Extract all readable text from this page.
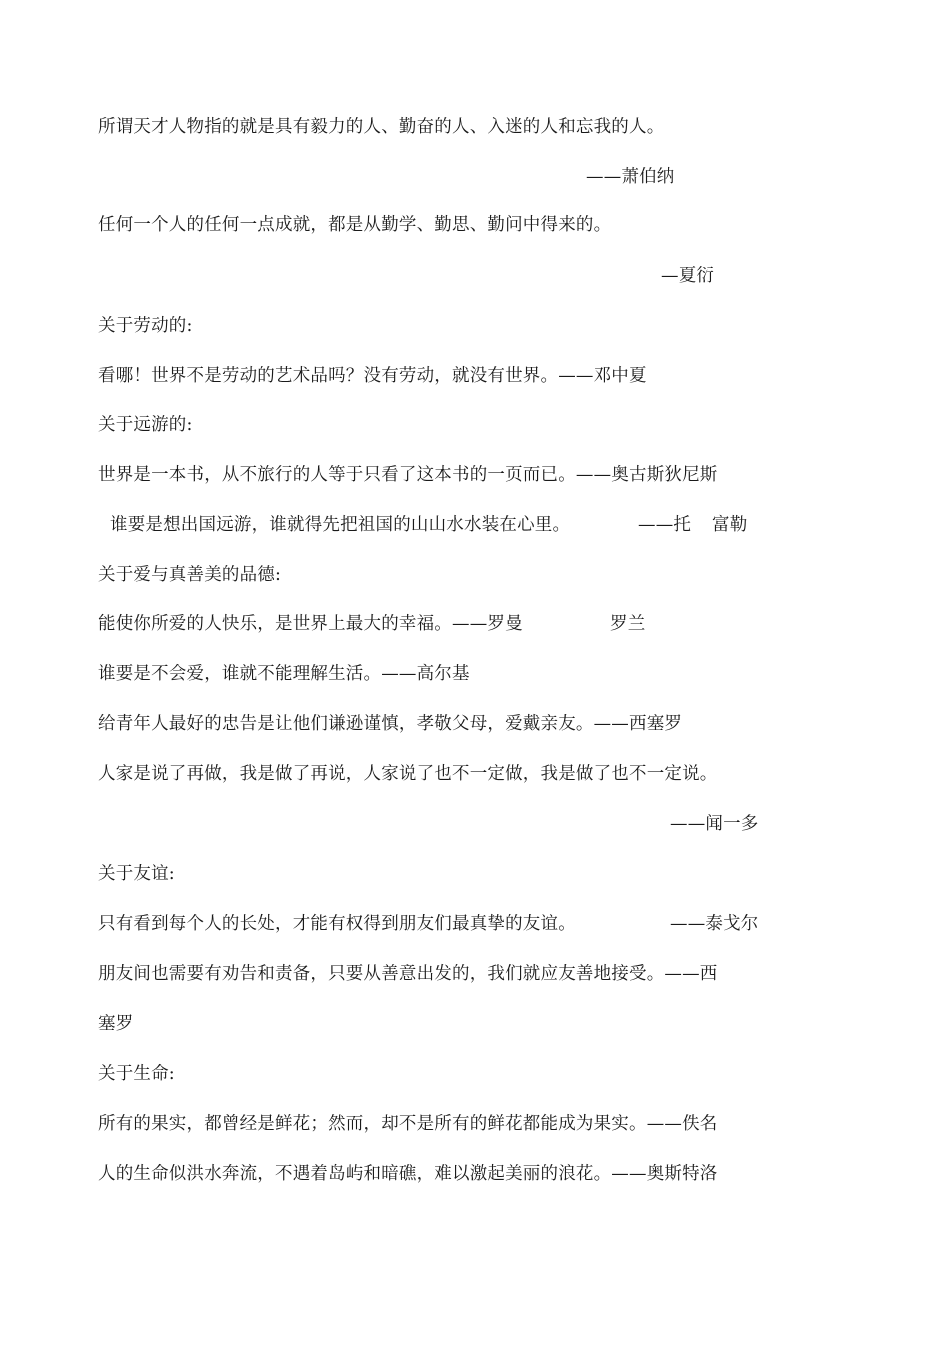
所谓天才人物指的就是具有毅力的人、勤奋的人、入迷的人和忘我的人。
——萧伯纳
任何一个人的任何一点成就，都是从勤学、勤思、勤问中得来的。
—夏衍
关于劳动的:
看哪！世界不是劳动的艺术品吗？没有劳动，就没有世界。——邓中夏
关于远游的:
世界是一本书，从不旅行的人等于只看了这本书的一页而已。——奥古斯狄尼斯
谁要是想出国远游，谁就得先把祖国的山山水水装在心里。	——托 富勒
关于爱与真善美的品德:
能使你所爱的人快乐，是世界上最大的幸福。——罗曼	罗兰
谁要是不会爱，谁就不能理解生活。——高尔基
给青年人最好的忠告是让他们谦逊谨慎，孝敬父母，爱戴亲友。——西塞罗
人家是说了再做，我是做了再说，人家说了也不一定做，我是做了也不一定说。
——闻一多
关于友谊:
只有看到每个人的长处，才能有权得到朋友们最真挚的友谊。	——泰戈尔
朋友间也需要有劝告和责备，只要从善意出发的，我们就应友善地接受。——西
塞罗
关于生命:
所有的果实，都曾经是鲜花；然而，却不是所有的鲜花都能成为果实。——佚名
人的生命似洪水奔流，不遇着岛屿和暗礁，难以激起美丽的浪花。——奥斯特洛
